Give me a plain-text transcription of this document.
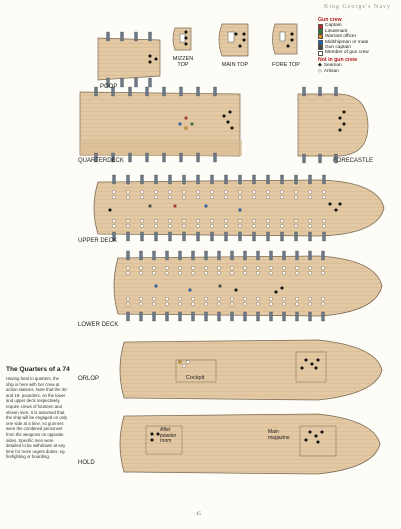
King George's Navy
POOP
MIZZEN
TOP	MAIN TOP	FORE TOP
QUARTERDECK	FORECASTLE
UPPER DECK
LOWER DECK
ORLOP
HOLD
Cockpit
After
powder
room
Main
magazine
Gun crew
Captain
Lieutenant
Warrant officer
Midshipman or mate
Gun captain
Member of gun crew
Not in gun crew
◆ Seaman
◇ Artisan
The Quarters of a 74
Having beat to quarters, the ship is here with her crew at action stations. Note that the 32- and 18- pounders, on the lower and upper deck respectively, require crews of fourteen and eleven men. It is assumed that the ship will be engaged on only one side at a time, so gunners were the combined personnel from the weapons on opposite sides. Specific men were detailed to be withdrawn at any time for more urgent duties, eg. firefighting or boarding.
45
